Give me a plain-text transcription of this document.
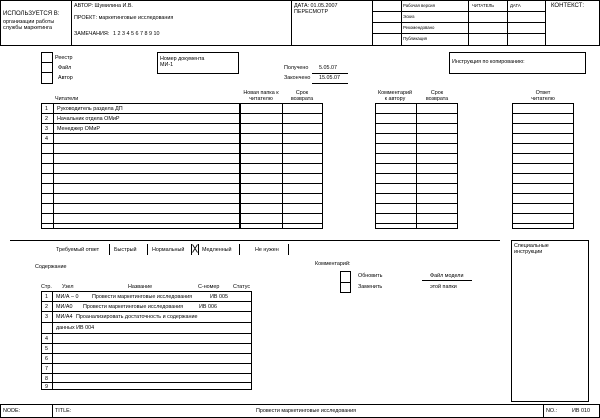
ИСПОЛЬЗУЕТСЯ В:
организации работы
службы маркетинга
АВТОР: Шумилина И.В.
ПРОЕКТ: маркетинговые исследования
ЗАМЕЧАНИЯ: 1 2 3 4 5 6 7 8 9 10
ДАТА: 01.05.2007
ПЕРЕСМОТР
Рабочая версия
Эскиз
Рекомендовано
Публикация
ЧИТАТЕЛЬ	ДАТА	КОНТЕКСТ:
Реестр
Файл
Автор
Номер документа
МИ-1	Получено 5.05.07
Закончено 15.05.07
Инструкция по копированию:
Читатели
Новая папка к
читателю
Срок
возврата
Комментарий
к автору
Срок
возврата
Ответ
читателю
1 Руководитель раздела ДП
2 Начальник отдела ОМиР
3 Менеджер ОМиР
4
Требуемый ответ	Быстрый	Нормальный	Медленный	Не нужен
Специальные
инструкции
Содержание
Стр. Узел	Название	С-номер	Статус
1 МИ/А – 0	Провести маркетинговые исследования	ИВ 005
2 МИ/А0 Провести маркетинговые исследования	ИВ 006
3 МИ/А4 Проанализировать достаточность и содержание
данных ИВ 004
4
5
6
7
8
9
Комментарий:
Обновить
Заменить
Файл модели
этой папки
NODE:	TITLE:	Провести маркетинговые исследования	NO.:	ИВ 010
